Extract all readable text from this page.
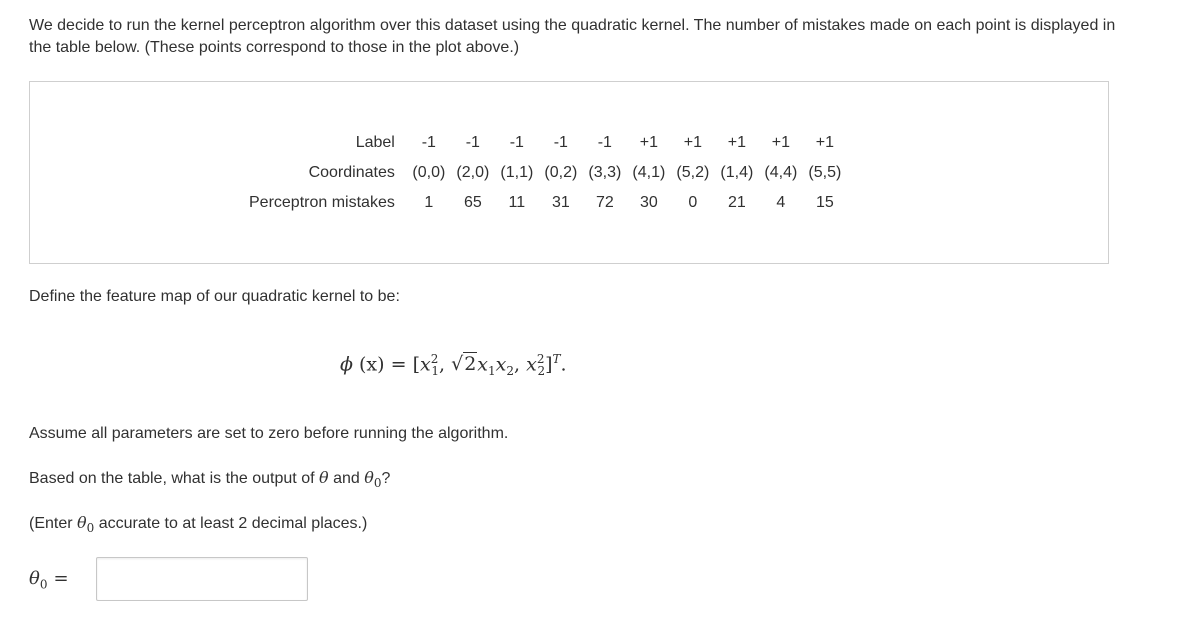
We decide to run the kernel perceptron algorithm over this dataset using the quadratic kernel. The number of mistakes made on each point is displayed in the table below. (These points correspond to those in the plot above.)

Label	-1	-1	-1	-1	-1	+1	+1	+1	+1	+1
Coordinates	(0,0)	(2,0)	(1,1)	(0,2)	(3,3)	(4,1)	(5,2)	(1,4)	(4,4)	(5,5)
Perceptron mistakes	1	65	11	31	72	30	0	21	4	15

Define the feature map of our quadratic kernel to be:

ϕ $(x) = [x^2_1$, $√2x_1x_2$, $x^2_2]^T$.

Assume all parameters are set to zero before running the algorithm.

Based on the table, what is the output of θ and $\theta_0$?

(Enter $\theta_0$ accurate to at least 2 decimal places.)

$\theta_0$ =
